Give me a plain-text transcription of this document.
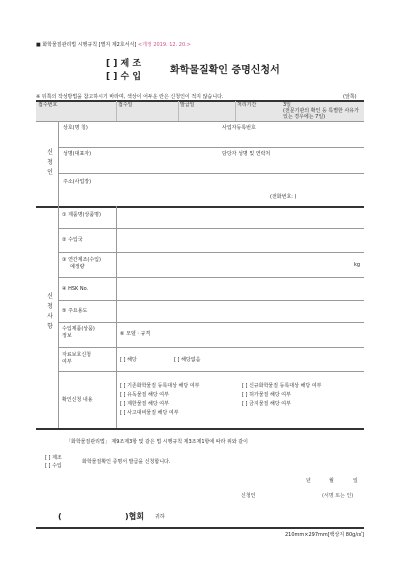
■ 화학물질관리법 시행규칙 [별지 제2호서식] <개정 2019. 12. 20.>
[ ] 제 조
[ ] 수 입
화학물질확인 증명신청서
※ 뒤쪽의 작성방법을 참고하시기 바라며, 색상이 어두운 란은 신청인이 적지 않습니다.	(앞쪽)
접수번호	접수일	발급일	처리기간	3일
(전문기관의 확인 등 특별한 사유가 있는 경우에는 7일)
신 청 인
상호(명 칭)	사업자등록번호
성명(대표자)	담당자 성명 및 연락처
주소(사업장)
(전화번호: )
신 청 사 항
① 제품명(상품명)
② 수입국
③ 연간제조(수입)
예정량	kg
④ HSK No.
⑤ 주요용도
수입제품(상품)
정보	⑥ 모델ㆍ규격
자료보호신청
여부	[ ] 해당	[ ] 해당없음
확인신청 내용
[ ] 기존화학물질 등록대상 해당 여부	[ ] 신규화학물질 등록대상 해당 여부
[ ] 유독물질 해당 여부	[ ] 허가물질 해당 여부
[ ] 제한물질 해당 여부	[ ] 금지물질 해당 여부
[ ] 사고대비물질 해당 여부
「화학물질관리법」 제9조제3항 및 같은 법 시행규칙 제3조제1항에 따라 위와 같이
[ ] 제조
[ ] 수입
화학물질확인 증명서 발급을 신청합니다.
년	월	일
신청인	(서명 또는 인)
(	)협회 귀하
210mm×297mm[백상지 80g/㎡]
